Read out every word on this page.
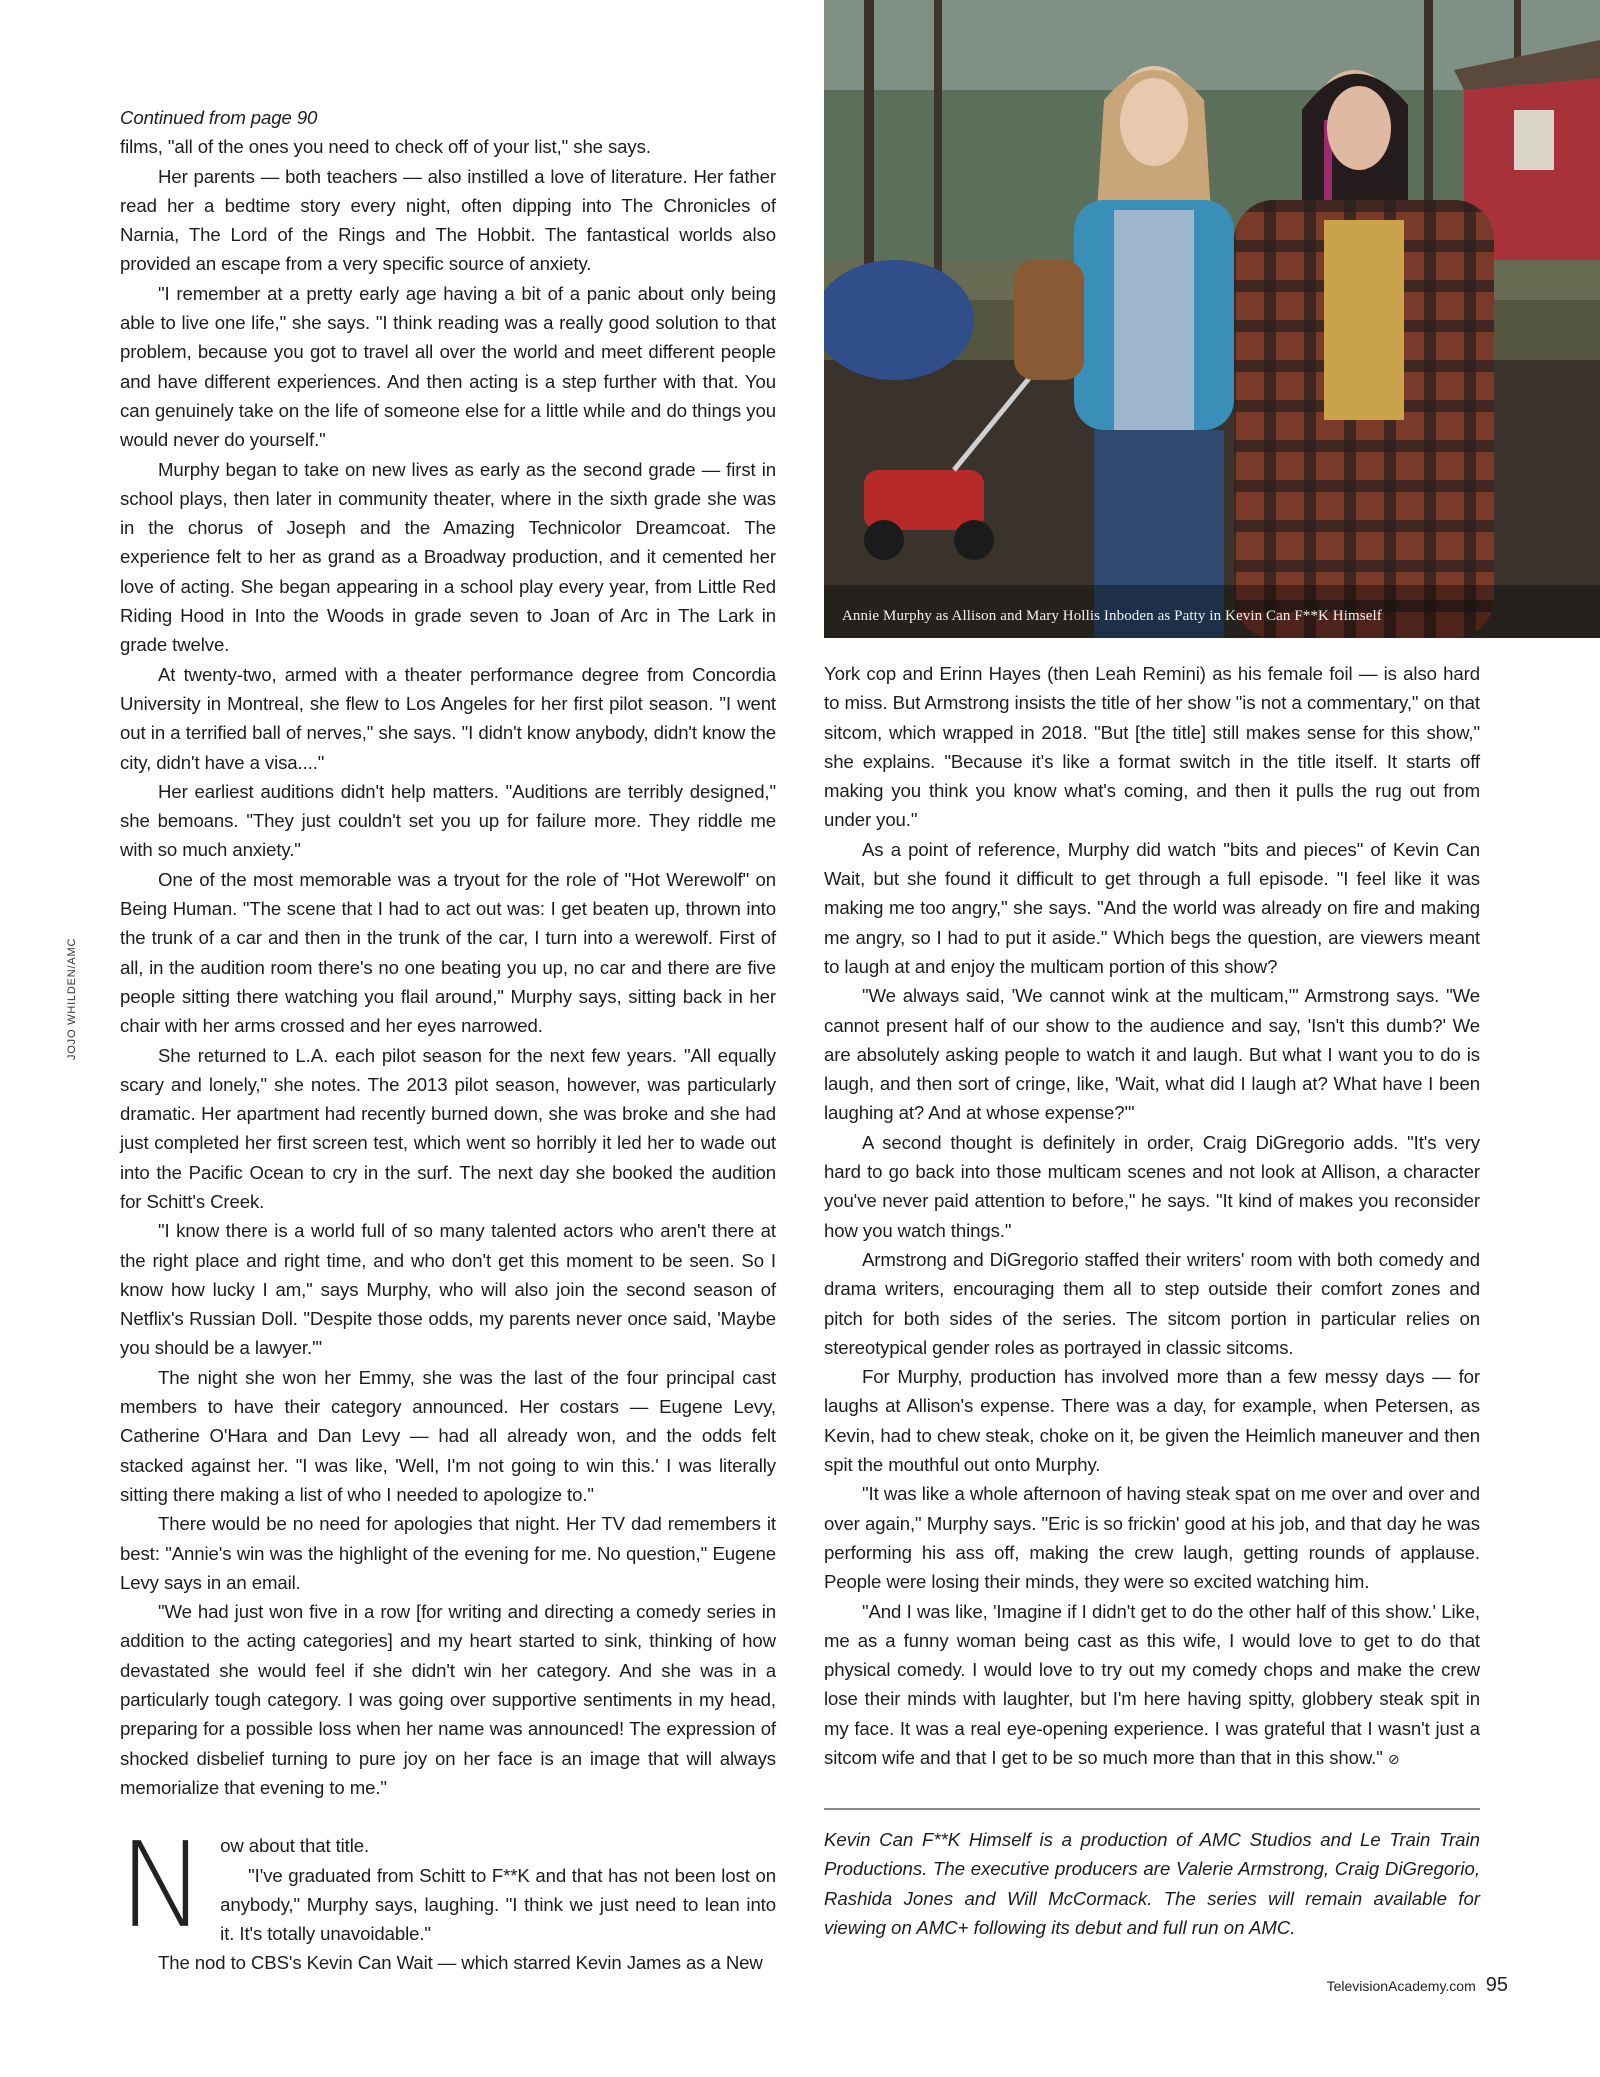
Annie Murphy as Allison and Mary Hollis Inboden as Patty in Kevin Can F**K Himself
JOJO WHILDEN/AMC

Continued from page 90

films, "all of the ones you need to check off of your list," she says.

Her parents — both teachers — also instilled a love of literature. Her father read her a bedtime story every night, often dipping into The Chronicles of Narnia, The Lord of the Rings and The Hobbit. The fantastical worlds also provided an escape from a very specific source of anxiety.

"I remember at a pretty early age having a bit of a panic about only being able to live one life," she says. "I think reading was a really good solution to that problem, because you got to travel all over the world and meet different people and have different experiences. And then acting is a step further with that. You can genuinely take on the life of someone else for a little while and do things you would never do yourself."

Murphy began to take on new lives as early as the second grade — first in school plays, then later in community theater, where in the sixth grade she was in the chorus of Joseph and the Amazing Technicolor Dreamcoat. The experience felt to her as grand as a Broadway production, and it cemented her love of acting. She began appearing in a school play every year, from Little Red Riding Hood in Into the Woods in grade seven to Joan of Arc in The Lark in grade twelve.

At twenty-two, armed with a theater performance degree from Concordia University in Montreal, she flew to Los Angeles for her first pilot season. "I went out in a terrified ball of nerves," she says. "I didn't know anybody, didn't know the city, didn't have a visa...."

Her earliest auditions didn't help matters. "Auditions are terribly designed," she bemoans. "They just couldn't set you up for failure more. They riddle me with so much anxiety."

One of the most memorable was a tryout for the role of "Hot Werewolf" on Being Human. "The scene that I had to act out was: I get beaten up, thrown into the trunk of a car and then in the trunk of the car, I turn into a werewolf. First of all, in the audition room there's no one beating you up, no car and there are five people sitting there watching you flail around," Murphy says, sitting back in her chair with her arms crossed and her eyes narrowed.

She returned to L.A. each pilot season for the next few years. "All equally scary and lonely," she notes. The 2013 pilot season, however, was particularly dramatic. Her apartment had recently burned down, she was broke and she had just completed her first screen test, which went so horribly it led her to wade out into the Pacific Ocean to cry in the surf. The next day she booked the audition for Schitt's Creek.

"I know there is a world full of so many talented actors who aren't there at the right place and right time, and who don't get this moment to be seen. So I know how lucky I am," says Murphy, who will also join the second season of Netflix's Russian Doll. "Despite those odds, my parents never once said, 'Maybe you should be a lawyer.'"

The night she won her Emmy, she was the last of the four principal cast members to have their category announced. Her costars — Eugene Levy, Catherine O'Hara and Dan Levy — had all already won, and the odds felt stacked against her. "I was like, 'Well, I'm not going to win this.' I was literally sitting there making a list of who I needed to apologize to."

There would be no need for apologies that night. Her TV dad remembers it best: "Annie's win was the highlight of the evening for me. No question," Eugene Levy says in an email.

"We had just won five in a row [for writing and directing a comedy series in addition to the acting categories] and my heart started to sink, thinking of how devastated she would feel if she didn't win her category. And she was in a particularly tough category. I was going over supportive sentiments in my head, preparing for a possible loss when her name was announced! The expression of shocked disbelief turning to pure joy on her face is an image that will always memorialize that evening to me."

Now about that title.
"I've graduated from Schitt to F**K and that has not been lost on anybody," Murphy says, laughing. "I think we just need to lean into it. It's totally unavoidable."

The nod to CBS's Kevin Can Wait — which starred Kevin James as a New

York cop and Erinn Hayes (then Leah Remini) as his female foil — is also hard to miss. But Armstrong insists the title of her show "is not a commentary," on that sitcom, which wrapped in 2018. "But [the title] still makes sense for this show," she explains. "Because it's like a format switch in the title itself. It starts off making you think you know what's coming, and then it pulls the rug out from under you."

As a point of reference, Murphy did watch "bits and pieces" of Kevin Can Wait, but she found it difficult to get through a full episode. "I feel like it was making me too angry," she says. "And the world was already on fire and making me angry, so I had to put it aside." Which begs the question, are viewers meant to laugh at and enjoy the multicam portion of this show?

"We always said, 'We cannot wink at the multicam,'" Armstrong says. "We cannot present half of our show to the audience and say, 'Isn't this dumb?' We are absolutely asking people to watch it and laugh. But what I want you to do is laugh, and then sort of cringe, like, 'Wait, what did I laugh at? What have I been laughing at? And at whose expense?'"

A second thought is definitely in order, Craig DiGregorio adds. "It's very hard to go back into those multicam scenes and not look at Allison, a character you've never paid attention to before," he says. "It kind of makes you reconsider how you watch things."

Armstrong and DiGregorio staffed their writers' room with both comedy and drama writers, encouraging them all to step outside their comfort zones and pitch for both sides of the series. The sitcom portion in particular relies on stereotypical gender roles as portrayed in classic sitcoms.

For Murphy, production has involved more than a few messy days — for laughs at Allison's expense. There was a day, for example, when Petersen, as Kevin, had to chew steak, choke on it, be given the Heimlich maneuver and then spit the mouthful out onto Murphy.

"It was like a whole afternoon of having steak spat on me over and over and over again," Murphy says. "Eric is so frickin' good at his job, and that day he was performing his ass off, making the crew laugh, getting rounds of applause. People were losing their minds, they were so excited watching him.

"And I was like, 'Imagine if I didn't get to do the other half of this show.' Like, me as a funny woman being cast as this wife, I would love to get to do that physical comedy. I would love to try out my comedy chops and make the crew lose their minds with laughter, but I'm here having spitty, globbery steak spit in my face. It was a real eye-opening experience. I was grateful that I wasn't just a sitcom wife and that I get to be so much more than that in this show." ⊘

Kevin Can F**K Himself is a production of AMC Studios and Le Train Train Productions. The executive producers are Valerie Armstrong, Craig DiGregorio, Rashida Jones and Will McCormack. The series will remain available for viewing on AMC+ following its debut and full run on AMC.
TelevisionAcademy.com 95
